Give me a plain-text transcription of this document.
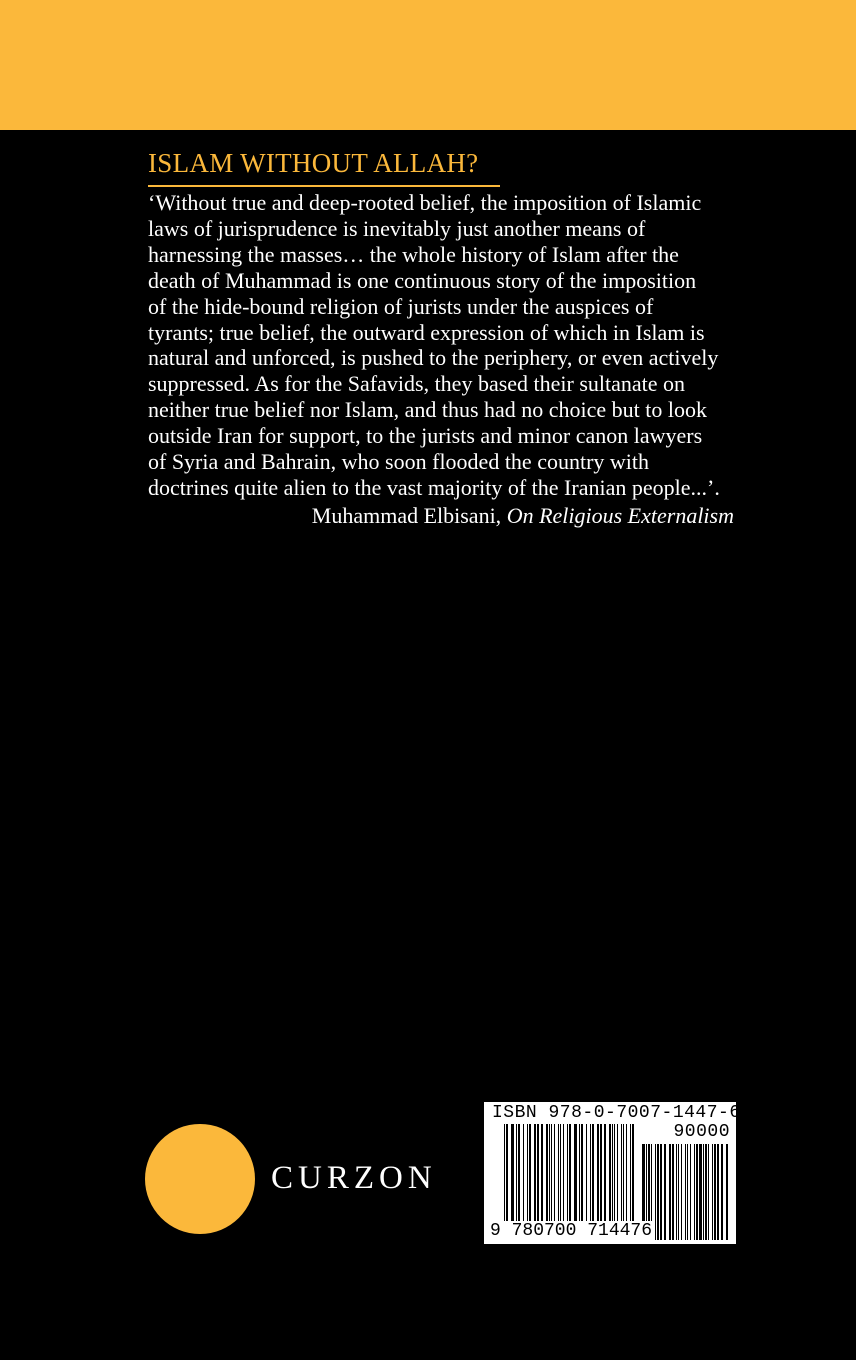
ISLAM WITHOUT ALLAH?
‘Without true and deep-rooted belief, the imposition of Islamic
laws of jurisprudence is inevitably just another means of
harnessing the masses… the whole history of Islam after the
death of Muhammad is one continuous story of the imposition
of the hide-bound religion of jurists under the auspices of
tyrants; true belief, the outward expression of which in Islam is
natural and unforced, is pushed to the periphery, or even actively
suppressed. As for the Safavids, they based their sultanate on
neither true belief nor Islam, and thus had no choice but to look
outside Iran for support, to the jurists and minor canon lawyers
of Syria and Bahrain, who soon flooded the country with
doctrines quite alien to the vast majority of the Iranian people...’.
Muhammad Elbisani, On Religious Externalism
CURZON
ISBN 978-0-7007-1447-6
90000
9 780700 714476
